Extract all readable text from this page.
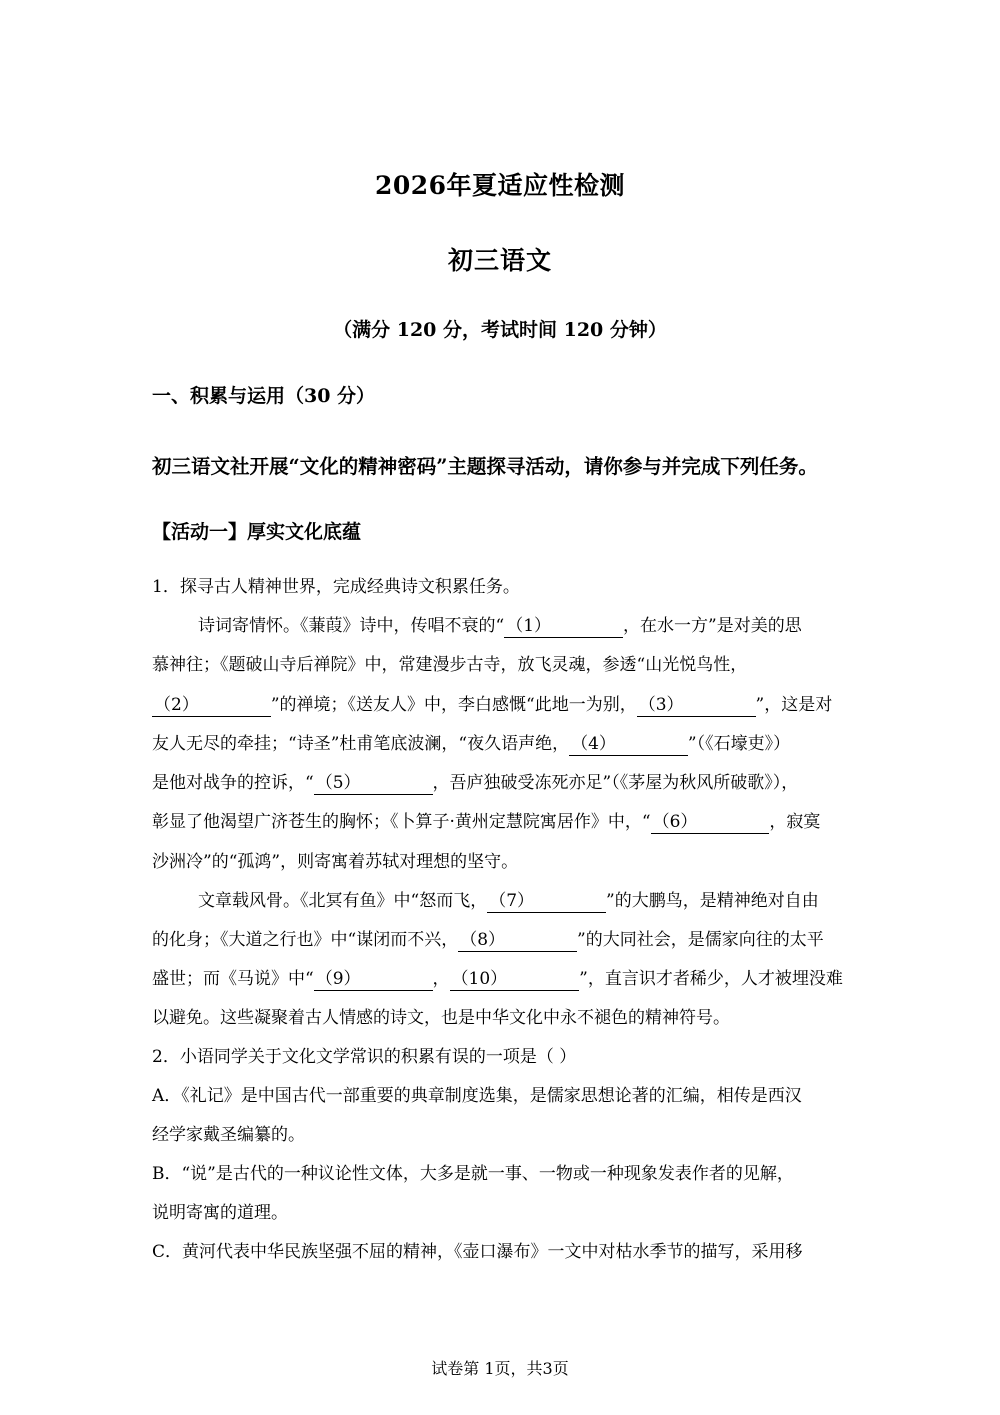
2026年夏适应性检测
初三语文
（满分 120 分，考试时间 120 分钟）
一、积累与运用（30 分）
初三语文社开展“文化的精神密码”主题探寻活动，请你参与并完成下列任务。
【活动一】厚实文化底蕴
1．探寻古人精神世界，完成经典诗文积累任务。
诗词寄情怀。《蒹葭》诗中，传唱不衰的“ （1）	，在水一方”是对美的思
慕神往；《题破山寺后禅院》中，常建漫步古寺，放飞灵魂，参透“山光悦鸟性，
（2）	”的禅境；《送友人》中，李白感慨“此地一为别， （3）	”，这是对
友人无尽的牵挂；“诗圣”杜甫笔底波澜，“夜久语声绝， （4）	”（《石壕吏》）
是他对战争的控诉，“ （5）	，吾庐独破受冻死亦足”（《茅屋为秋风所破歌》），
彰显了他渴望广济苍生的胸怀；《卜算子·黄州定慧院寓居作》中，“ （6）	，寂寞
沙洲冷”的“孤鸿”，则寄寓着苏轼对理想的坚守。
文章载风骨。《北冥有鱼》中“怒而飞， （7）	”的大鹏鸟，是精神绝对自由
的化身；《大道之行也》中“谋闭而不兴， （8）	”的大同社会，是儒家向往的太平
盛世；而《马说》中“ （9）	， （10）	”，直言识才者稀少，人才被埋没难
以避免。这些凝聚着古人情感的诗文，也是中华文化中永不褪色的精神符号。
2．小语同学关于文化文学常识的积累有误的一项是（ ）
A．《礼记》是中国古代一部重要的典章制度选集，是儒家思想论著的汇编，相传是西汉
经学家戴圣编纂的。
B．“说”是古代的一种议论性文体，大多是就一事、一物或一种现象发表作者的见解，
说明寄寓的道理。
C．黄河代表中华民族坚强不屈的精神，《壶口瀑布》一文中对枯水季节的描写，采用移
试卷第 1页，共3页
